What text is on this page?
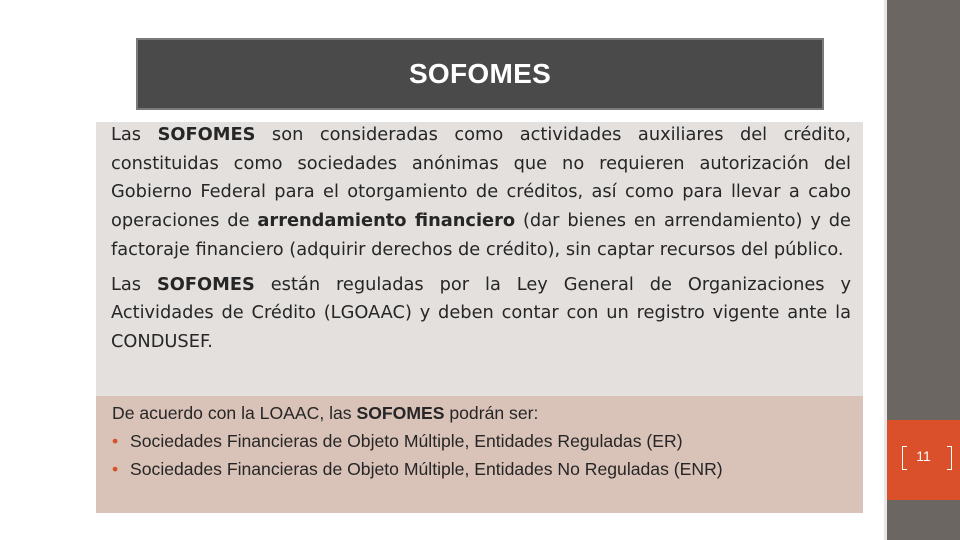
SOFOMES

Las SOFOMES son consideradas como actividades auxiliares del crédito, constituidas como sociedades anónimas que no requieren autorización del Gobierno Federal para el otorgamiento de créditos, así como para llevar a cabo operaciones de arrendamiento financiero (dar bienes en arrendamiento) y de factoraje financiero (adquirir derechos de crédito), sin captar recursos del público.

Las SOFOMES están reguladas por la Ley General de Organizaciones y Actividades de Crédito (LGOAAC) y deben contar con un registro vigente ante la CONDUSEF.

De acuerdo con la LOAAC, las SOFOMES podrán ser:
• Sociedades Financieras de Objeto Múltiple, Entidades Reguladas (ER)
• Sociedades Financieras de Objeto Múltiple, Entidades No Reguladas (ENR)
11
